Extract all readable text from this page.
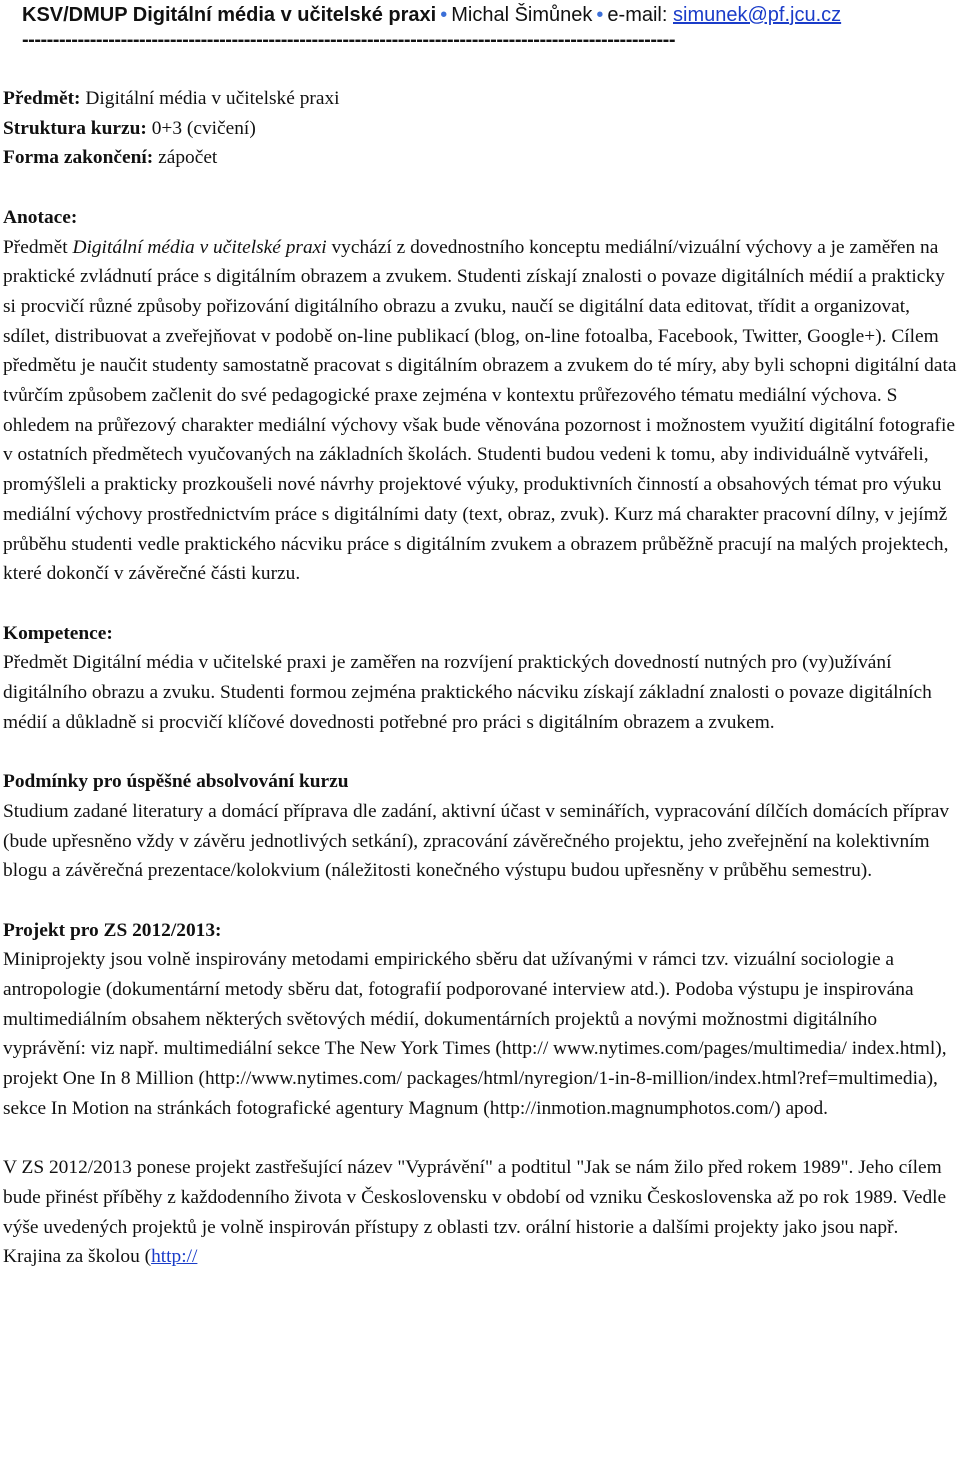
KSV/DMUP Digitální média v učitelské praxi • Michal Šimůnek • e-mail: simunek@pf.jcu.cz
----------------------------------------------------------------------------------------------------------
Předmět: Digitální média v učitelské praxi
Struktura kurzu: 0+3 (cvičení)
Forma zakončení: zápočet
Anotace:

Předmět Digitální média v učitelské praxi vychází z dovednostního konceptu mediální/vizuální výchovy a je zaměřen na praktické zvládnutí práce s digitálním obrazem a zvukem. Studenti získají znalosti o povaze digitálních médií a prakticky si procvičí různé způsoby pořizování digitálního obrazu a zvuku, naučí se digitální data editovat, třídit a organizovat, sdílet, distribuovat a zveřejňovat v podobě on-line publikací (blog, on-line fotoalba, Facebook, Twitter, Google+). Cílem předmětu je naučit studenty samostatně pracovat s digitálním obrazem a zvukem do té míry, aby byli schopni digitální data tvůrčím způsobem začlenit do své pedagogické praxe zejména v kontextu průřezového tématu mediální výchova. S ohledem na průřezový charakter mediální výchovy však bude věnována pozornost i možnostem využití digitální fotografie v ostatních předmětech vyučovaných na základních školách. Studenti budou vedeni k tomu, aby individuálně vytvářeli, promýšleli a prakticky prozkoušeli nové návrhy projektové výuky, produktivních činností a obsahových témat pro výuku mediální výchovy prostřednictvím práce s digitálními daty (text, obraz, zvuk). Kurz má charakter pracovní dílny, v jejímž průběhu studenti vedle praktického nácviku práce s digitálním zvukem a obrazem průběžně pracují na malých projektech, které dokončí v závěrečné části kurzu.

Kompetence:

Předmět Digitální média v učitelské praxi je zaměřen na rozvíjení praktických dovedností nutných pro (vy)užívání digitálního obrazu a zvuku. Studenti formou zejména praktického nácviku získají základní znalosti o povaze digitálních médií a důkladně si procvičí klíčové dovednosti potřebné pro práci s digitálním obrazem a zvukem.

Podmínky pro úspěšné absolvování kurzu

Studium zadané literatury a domácí příprava dle zadání, aktivní účast v seminářích, vypracování dílčích domácích příprav (bude upřesněno vždy v závěru jednotlivých setkání), zpracování závěrečného projektu, jeho zveřejnění na kolektivním blogu a závěrečná prezentace/kolokvium (náležitosti konečného výstupu budou upřesněny v průběhu semestru).

Projekt pro ZS 2012/2013:

Miniprojekty jsou volně inspirovány metodami empirického sběru dat užívanými v rámci tzv. vizuální sociologie a antropologie (dokumentární metody sběru dat, fotografií podporované interview atd.). Podoba výstupu je inspirována multimediálním obsahem některých světových médií, dokumentárních projektů a novými možnostmi digitálního vyprávění: viz např. multimediální sekce The New York Times (http:// www.nytimes.com/pages/multimedia/ index.html), projekt One In 8 Million (http://www.nytimes.com/ packages/html/nyregion/1-in-8-million/index.html?ref=multimedia), sekce In Motion na stránkách fotografické agentury Magnum (http://inmotion.magnumphotos.com/) apod.

V ZS 2012/2013 ponese projekt zastřešující název "Vyprávění" a podtitul "Jak se nám žilo před rokem 1989". Jeho cílem bude přinést příběhy z každodenního života v Československu v období od vzniku Československa až po rok 1989. Vedle výše uvedených projektů je volně inspirován přístupy z oblasti tzv. orální historie a dalšími projekty jako jsou např. Krajina za školou (http://
